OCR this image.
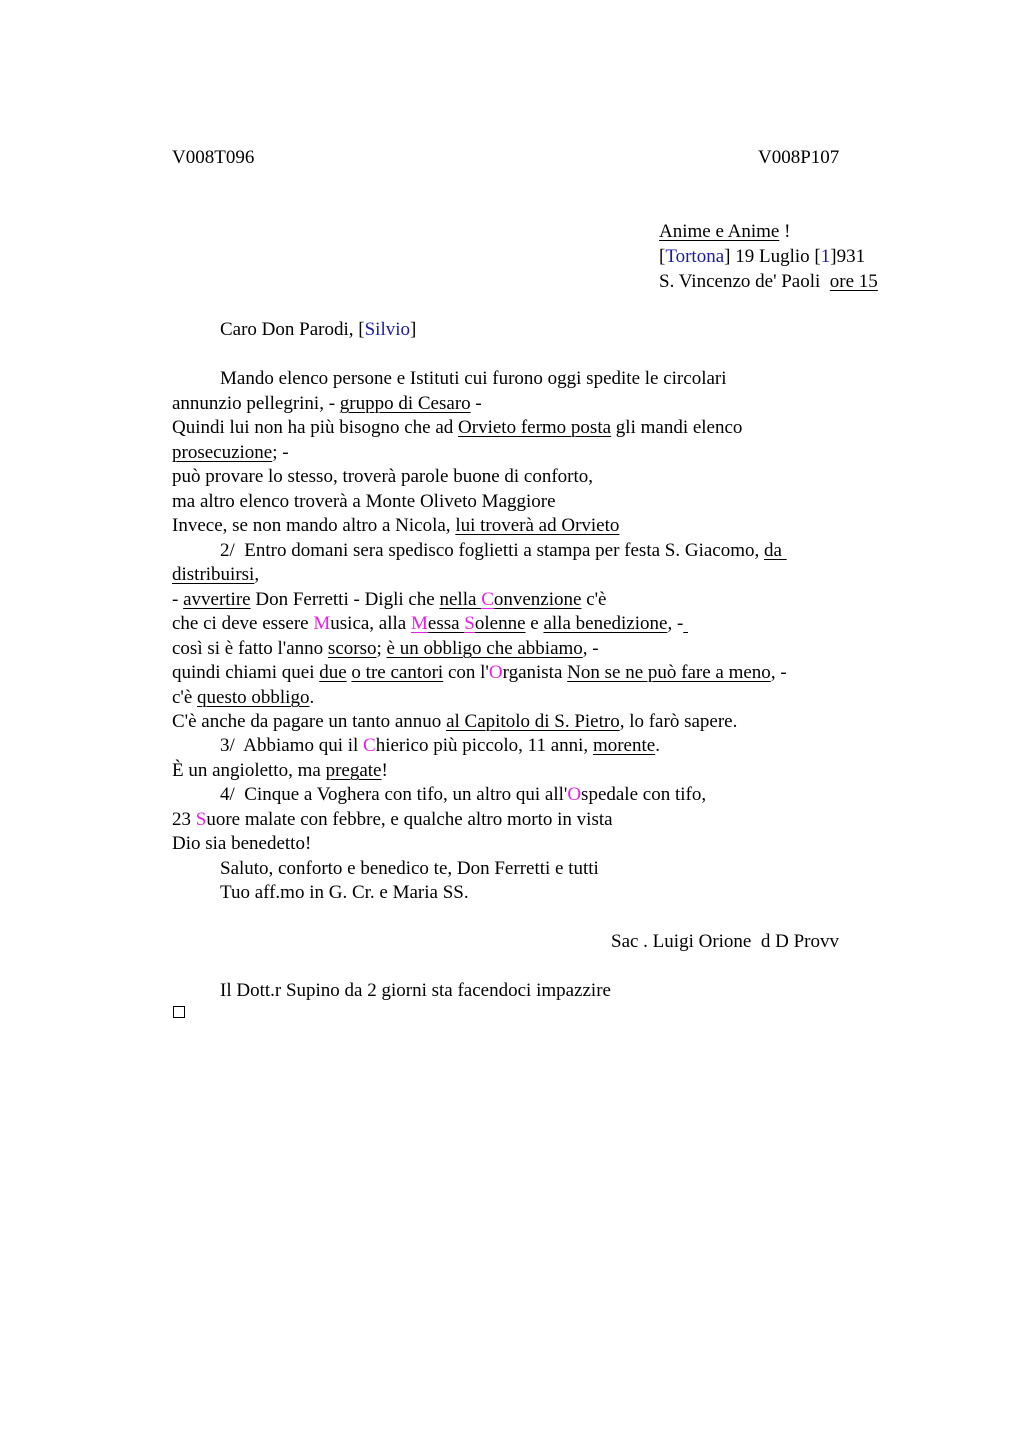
V008T096	V008P107
Anime e Anime !
[Tortona] 19 Luglio [1]931
S. Vincenzo de' Paoli  ore 15
Caro Don Parodi, [Silvio]
Mando elenco persone e Istituti cui furono oggi spedite le circolari
annunzio pellegrini, - gruppo di Cesaro -
Quindi lui non ha più bisogno che ad Orvieto fermo posta gli mandi elenco
prosecuzione; -
può provare lo stesso, troverà parole buone di conforto,
ma altro elenco troverà a Monte Oliveto Maggiore
Invece, se non mando altro a Nicola, lui troverà ad Orvieto
2/  Entro domani sera spedisco foglietti a stampa per festa S. Giacomo, da
distribuirsi,
- avvertire Don Ferretti - Digli che nella Convenzione c'è
che ci deve essere Musica, alla Messa Solenne e alla benedizione, -
così si è fatto l'anno scorso; è un obbligo che abbiamo, -
quindi chiami quei due o tre cantori con l'Organista Non se ne può fare a meno, -
c'è questo obbligo.
C'è anche da pagare un tanto annuo al Capitolo di S. Pietro, lo farò sapere.
3/  Abbiamo qui il Chierico più piccolo, 11 anni, morente.
È un angioletto, ma pregate!
4/  Cinque a Voghera con tifo, un altro qui all'Ospedale con tifo,
23 Suore malate con febbre, e qualche altro morto in vista
Dio sia benedetto!
Saluto, conforto e benedico te, Don Ferretti e tutti
Tuo aff.mo in G. Cr. e Maria SS.
Sac . Luigi Orione  d D Provv
Il Dott.r Supino da 2 giorni sta facendoci impazzire
